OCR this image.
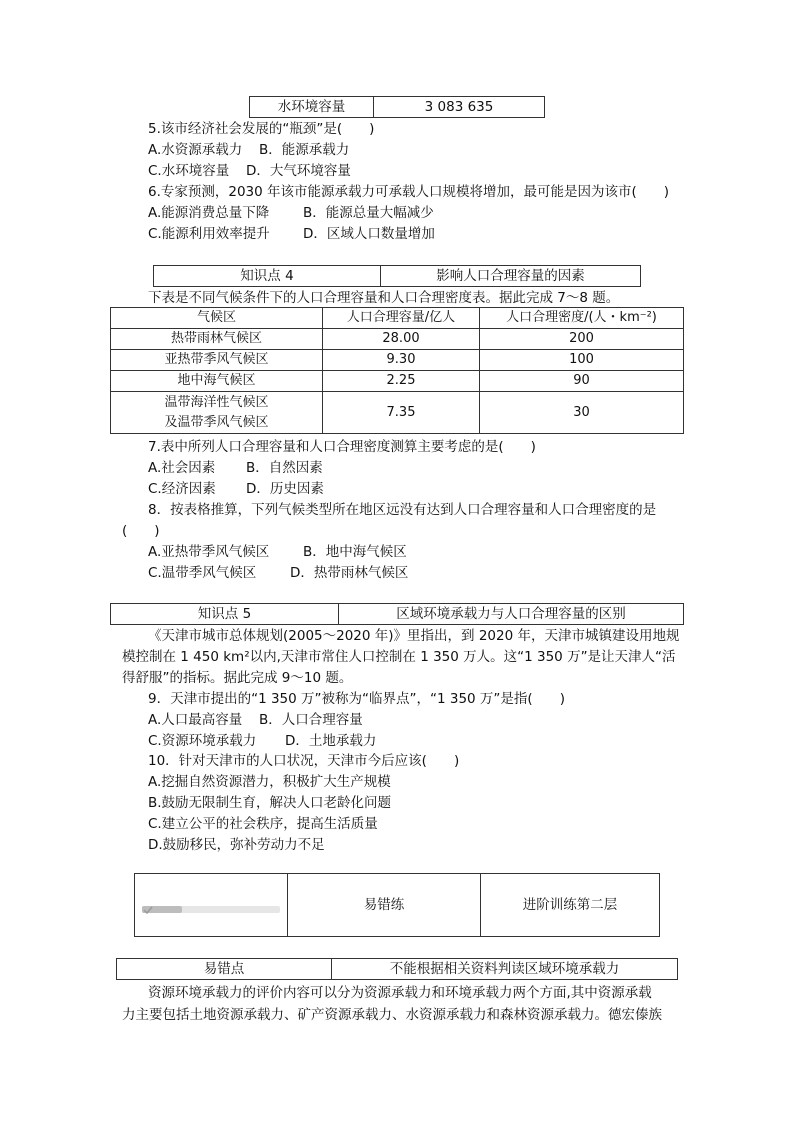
水环境容量	3 083 635
5.该市经济社会发展的“瓶颈”是(　　)
A.水资源承载力 B．能源承载力
C.水环境容量 D．大气环境容量
6.专家预测，2030 年该市能源承载力可承载人口规模将增加，最可能是因为该市(　　)
A.能源消费总量下降 B．能源总量大幅减少
C.能源利用效率提升 D．区域人口数量增加
知识点 4	影响人口合理容量的因素
下表是不同气候条件下的人口合理容量和人口合理密度表。据此完成 7～8 题。
气候区	人口合理容量/亿人	人口合理密度/(人・km⁻²)
热带雨林气候区	28.00	200
亚热带季风气候区	9.30	100
地中海气候区	2.25	90

温带海洋性气候区
及温带季风气候区	7.35	30
7.表中所列人口合理容量和人口合理密度测算主要考虑的是(　　)
A.社会因素 B．自然因素
C.经济因素 D．历史因素
8．按表格推算，下列气候类型所在地区远没有达到人口合理容量和人口合理密度的是
(　　)
A.亚热带季风气候区 B．地中海气候区
C.温带季风气候区	D．热带雨林气候区
知识点 5	区域环境承载力与人口合理容量的区别
《天津市城市总体规划(2005～2020 年)》里指出，到 2020 年，天津市城镇建设用地规
模控制在 1 450 km²以内,天津市常住人口控制在 1 350 万人。这“1 350 万”是让天津人“活
得舒服”的指标。据此完成 9～10 题。
9．天津市提出的“1 350 万”被称为“临界点”，“1 350 万”是指(　　)
A.人口最高容量 B．人口合理容量
C.资源环境承载力 D．土地承载力
10．针对天津市的人口状况，天津市今后应该(　　)
A.挖掘自然资源潜力，积极扩大生产规模
B.鼓励无限制生育，解决人口老龄化问题
C.建立公平的社会秩序，提高生活质量
D.鼓励移民，弥补劳动力不足
	易错练	进阶训练第二层
易错点	不能根据相关资料判读区域环境承载力
资源环境承载力的评价内容可以分为资源承载力和环境承载力两个方面,其中资源承载
力主要包括土地资源承载力、矿产资源承载力、水资源承载力和森林资源承载力。德宏傣族
